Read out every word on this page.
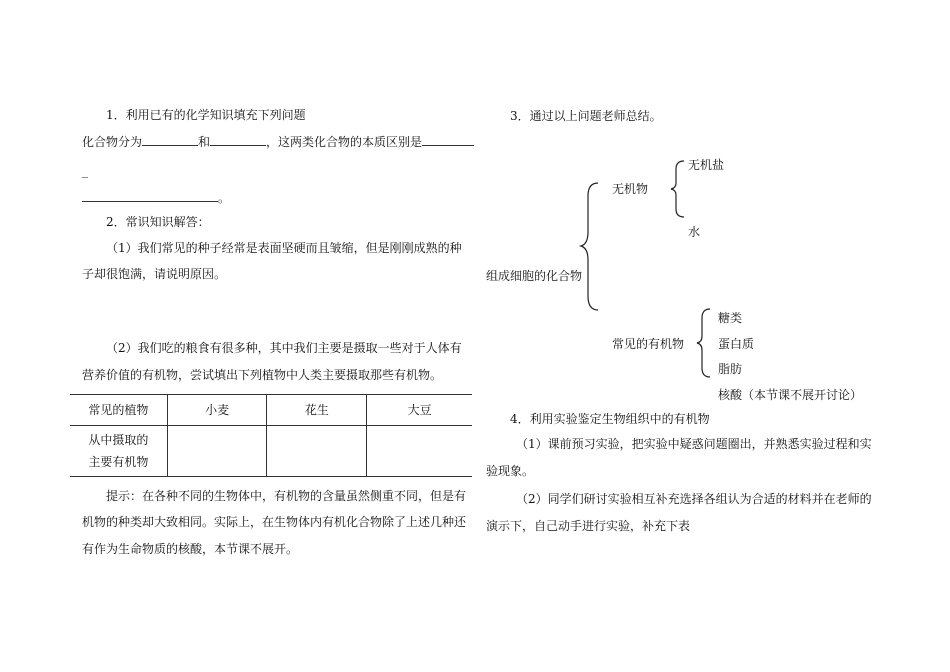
1．利用已有的化学知识填充下列问题
化合物分为	和	，这两类化合物的本质区别是
_
。
2．常识知识解答：
（1）我们常见的种子经常是表面坚硬而且皱缩，但是刚刚成熟的种
子却很饱满，请说明原因。
（2）我们吃的粮食有很多种，其中我们主要是摄取一些对于人体有
营养价值的有机物，尝试填出下列植物中人类主要摄取那些有机物。
常见的植物	小麦	花生	大豆

从中摄取的
主要有机物			

提示：在各种不同的生物体中，有机物的含量虽然侧重不同，但是有
机物的种类却大致相同。实际上，在生物体内有机化合物除了上述几种还
有作为生命物质的核酸，本节课不展开。
3．通过以上问题老师总结。
组成细胞的化合物
无机物
无机盐
水
常见的有机物
糖类
蛋白质
脂肪
核酸（本节课不展开讨论）
4．利用实验鉴定生物组织中的有机物
（1）课前预习实验，把实验中疑惑问题圈出，并熟悉实验过程和实
验现象。
（2）同学们研讨实验相互补充选择各组认为合适的材料并在老师的
演示下，自己动手进行实验，补充下表
